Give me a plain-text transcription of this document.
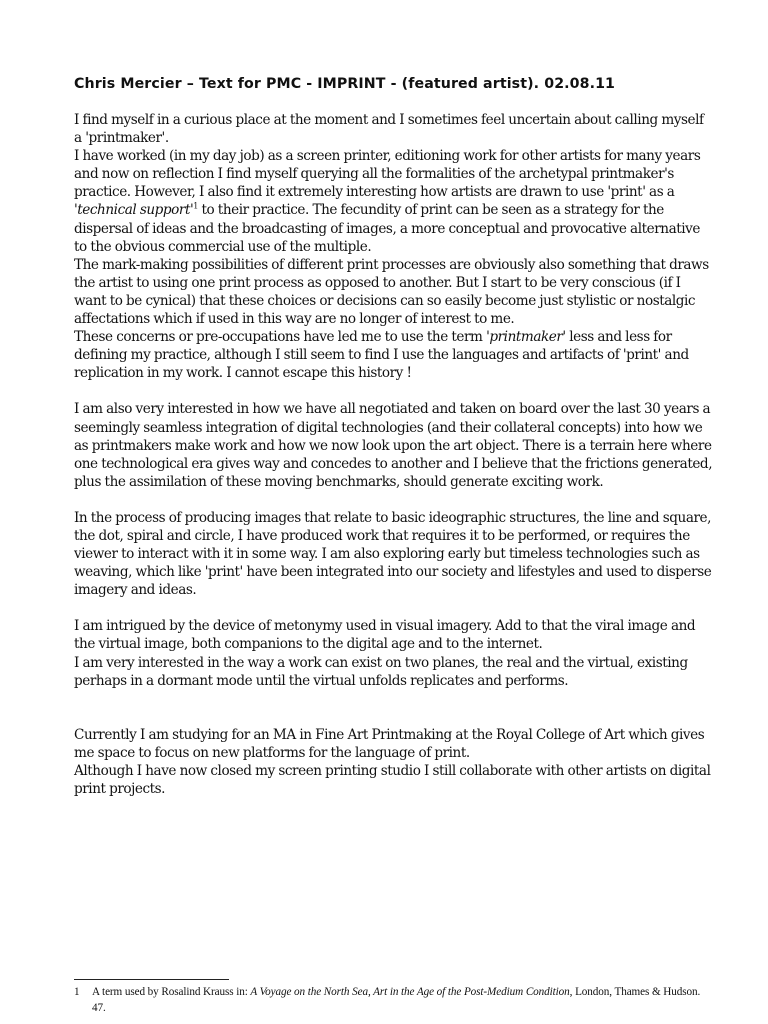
Chris Mercier – Text for PMC - IMPRINT - (featured artist). 02.08.11

I find myself in a curious place at the moment and I sometimes feel uncertain about calling myself a 'printmaker'.

I have worked (in my day job) as a screen printer, editioning work for other artists for many years and now on reflection I find myself querying all the formalities of the archetypal printmaker's practice. However, I also find it extremely interesting how artists are drawn to use 'print' as a 'technical support'$^1$ to their practice. The fecundity of print can be seen as a strategy for the dispersal of ideas and the broadcasting of images, a more conceptual and provocative alternative to the obvious commercial use of the multiple.

The mark-making possibilities of different print processes are obviously also something that draws the artist to using one print process as opposed to another. But I start to be very conscious (if I want to be cynical) that these choices or decisions can so easily become just stylistic or nostalgic affectations which if used in this way are no longer of interest to me.

These concerns or pre-occupations have led me to use the term 'printmaker' less and less for defining my practice, although I still seem to find I use the languages and artifacts of 'print' and replication in my work. I cannot escape this history !

I am also very interested in how we have all negotiated and taken on board over the last 30 years a seemingly seamless integration of digital technologies (and their collateral concepts) into how we as printmakers make work and how we now look upon the art object. There is a terrain here where one technological era gives way and concedes to another and I believe that the frictions generated, plus the assimilation of these moving benchmarks, should generate exciting work.

In the process of producing images that relate to basic ideographic structures, the line and square, the dot, spiral and circle, I have produced work that requires it to be performed, or requires the viewer to interact with it in some way. I am also exploring early but timeless technologies such as weaving, which like 'print' have been integrated into our society and lifestyles and used to disperse imagery and ideas.

I am intrigued by the device of metonymy used in visual imagery. Add to that the viral image and the virtual image, both companions to the digital age and to the internet.

I am very interested in the way a work can exist on two planes, the real and the virtual, existing perhaps in a dormant mode until the virtual unfolds replicates and performs.

Currently I am studying for an MA in Fine Art Printmaking at the Royal College of Art which gives me space to focus on new platforms for the language of print.

Although I have now closed my screen printing studio I still collaborate with other artists on digital print projects.

1 A term used by Rosalind Krauss in: A Voyage on the North Sea, Art in the Age of the Post-Medium Condition, London, Thames & Hudson. 47.
